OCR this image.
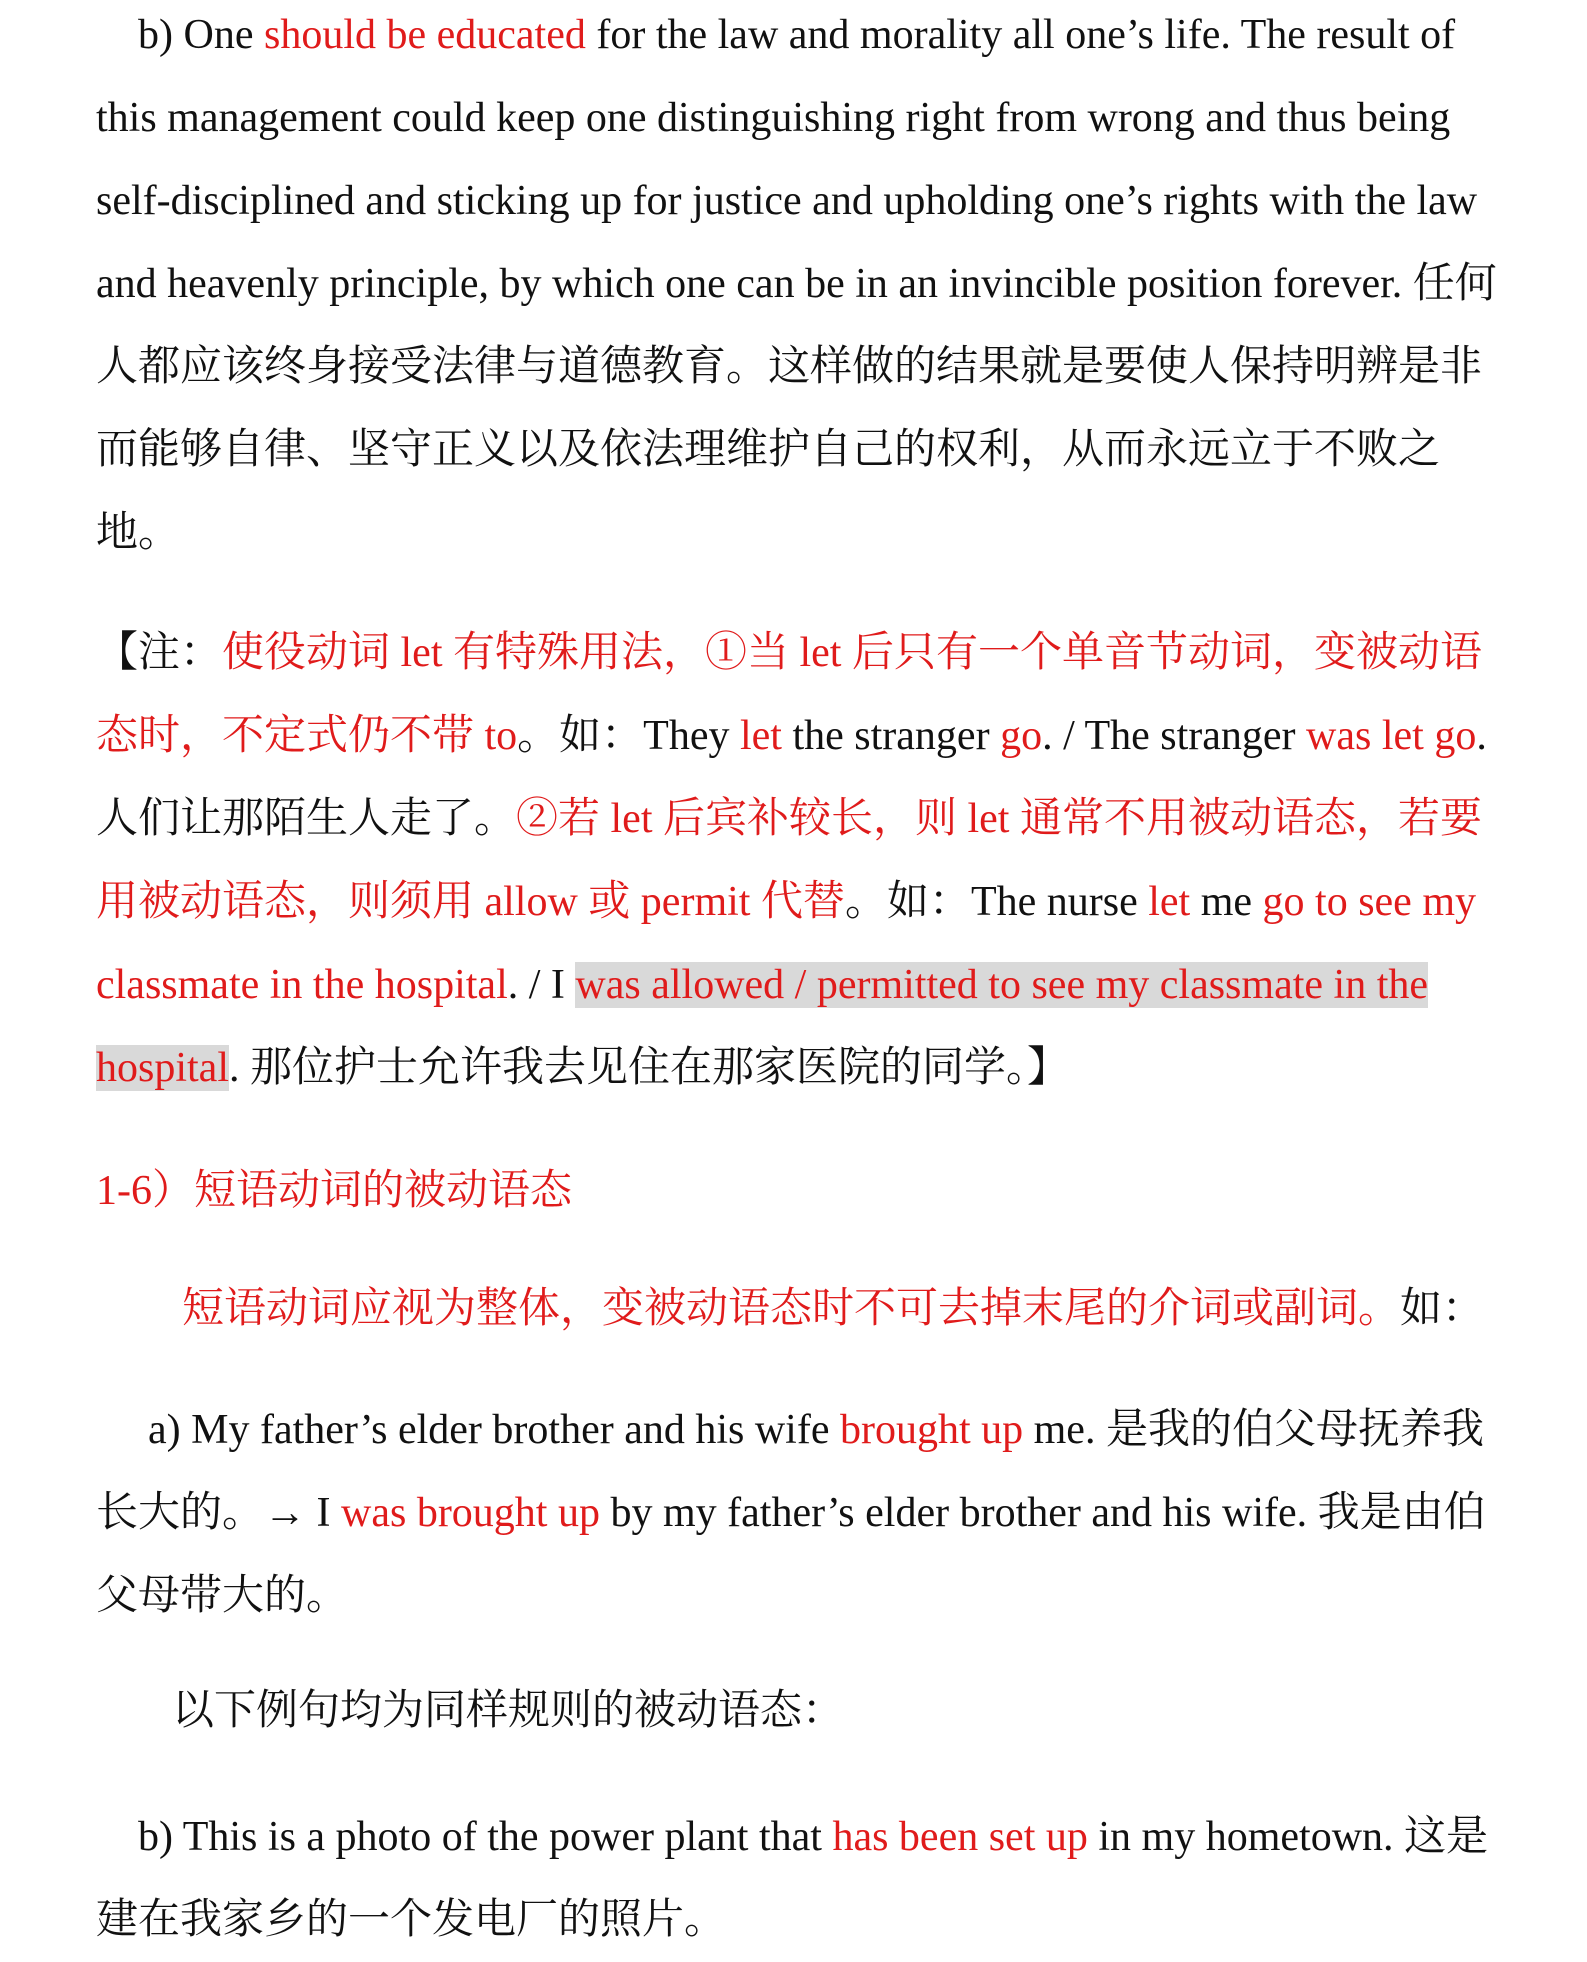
b) One should be educated for the law and morality all one’s life. The result of this management could keep one distinguishing right from wrong and thus being self-disciplined and sticking up for justice and upholding one’s rights with the law and heavenly principle, by which one can be in an invincible position forever. 任何人都应该终身接受法律与道德教育。这样做的结果就是要使人保持明辨是非而能够自律、坚守正义以及依法理维护自己的权利，从而永远立于不败之地。

【注：使役动词 let 有特殊用法，①当 let 后只有一个单音节动词，变被动语态时，不定式仍不带 to。如：They let the stranger go. / The stranger was let go. 人们让那陌生人走了。②若 let 后宾补较长，则 let 通常不用被动语态，若要用被动语态，则须用 allow 或 permit 代替。如：The nurse let me go to see my classmate in the hospital. / I was allowed / permitted to see my classmate in the hospital. 那位护士允许我去见住在那家医院的同学。】

1-6）短语动词的被动语态

短语动词应视为整体，变被动语态时不可去掉末尾的介词或副词。如：

a) My father’s elder brother and his wife brought up me. 是我的伯父母抚养我长大的。→ I was brought up by my father’s elder brother and his wife. 我是由伯父母带大的。

以下例句均为同样规则的被动语态：

b) This is a photo of the power plant that has been set up in my hometown. 这是建在我家乡的一个发电厂的照片。
